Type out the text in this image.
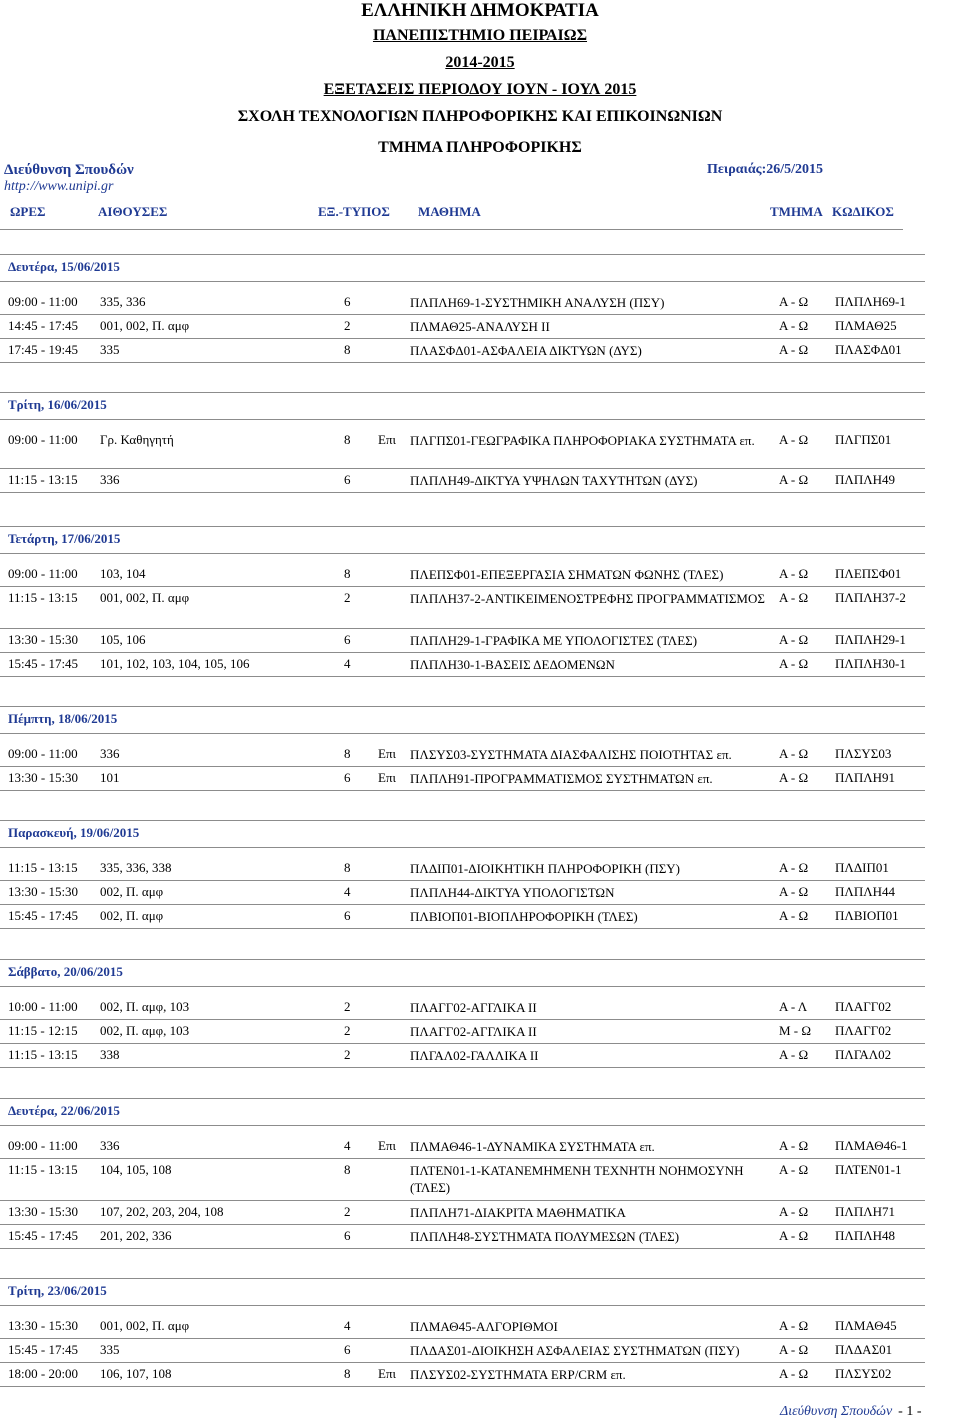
ΕΛΛΗΝΙΚΗ ΔΗΜΟΚΡΑΤΙΑ
ΠΑΝΕΠΙΣΤΗΜΙΟ ΠΕΙΡΑΙΩΣ
2014-2015
ΕΞΕΤΑΣΕΙΣ ΠΕΡΙΟΔΟΥ ΙΟΥΝ - ΙΟΥΛ 2015
ΣΧΟΛΗ ΤΕΧΝΟΛΟΓΙΩΝ ΠΛΗΡΟΦΟΡΙΚΗΣ ΚΑΙ ΕΠΙΚΟΙΝΩΝΙΩΝ
ΤΜΗΜΑ ΠΛΗΡΟΦΟΡΙΚΗΣ
Διεύθυνση Σπουδών
http://www.unipi.gr
Πειραιάς:26/5/2015
ΩΡΕΣ	ΑΙΘΟΥΣΕΣ	ΕΞ.-ΤΥΠΟΣ ΜΑΘΗΜΑ	ΤΜΗΜΑ ΚΩΔΙΚΟΣ
Δευτέρα, 15/06/2015
09:00 - 11:00 335, 336	6	ΠΛΠΛΗ69-1-ΣΥΣΤΗΜΙΚΗ ΑΝΑΛΥΣΗ (ΠΣΥ)	Α - Ω ΠΛΠΛΗ69-1
14:45 - 17:45 001, 002, Π. αμφ	2	ΠΛΜΑΘ25-ΑΝΑΛΥΣΗ ΙΙ	Α - Ω ΠΛΜΑΘ25
17:45 - 19:45 335	8	ΠΛΑΣΦΔ01-ΑΣΦΑΛΕΙΑ ΔΙΚΤΥΩΝ (ΔΥΣ)	Α - Ω ΠΛΑΣΦΔ01
Τρίτη, 16/06/2015
09:00 - 11:00 Γρ. Καθηγητή	8 Επι ΠΛΓΠΣ01-ΓΕΩΓΡΑΦΙΚΑ ΠΛΗΡΟΦΟΡΙΑΚΑ ΣΥΣΤΗΜΑΤΑ επ.	Α - Ω ΠΛΓΠΣ01
11:15 - 13:15 336	6	ΠΛΠΛΗ49-ΔΙΚΤΥΑ ΥΨΗΛΩΝ ΤΑΧΥΤΗΤΩΝ (ΔΥΣ)	Α - Ω ΠΛΠΛΗ49
Τετάρτη, 17/06/2015
09:00 - 11:00 103, 104	8	ΠΛΕΠΣΦ01-ΕΠΕΞΕΡΓΑΣΙΑ ΣΗΜΑΤΩΝ ΦΩΝΗΣ (ΤΛΕΣ)	Α - Ω ΠΛΕΠΣΦ01
11:15 - 13:15 001, 002, Π. αμφ	2	ΠΛΠΛΗ37-2-ΑΝΤΙΚΕΙΜΕΝΟΣΤΡΕΦΗΣ ΠΡΟΓΡΑΜΜΑΤΙΣΜΟΣ	Α - Ω ΠΛΠΛΗ37-2
13:30 - 15:30 105, 106	6	ΠΛΠΛΗ29-1-ΓΡΑΦΙΚΑ ΜΕ ΥΠΟΛΟΓΙΣΤΕΣ (ΤΛΕΣ)	Α - Ω ΠΛΠΛΗ29-1
15:45 - 17:45 101, 102, 103, 104, 105, 106	4	ΠΛΠΛΗ30-1-ΒΑΣΕΙΣ ΔΕΔΟΜΕΝΩΝ	Α - Ω ΠΛΠΛΗ30-1
Πέμπτη, 18/06/2015
09:00 - 11:00 336	8 Επι ΠΛΣΥΣ03-ΣΥΣΤΗΜΑΤΑ ΔΙΑΣΦΑΛΙΣΗΣ ΠΟΙΟΤΗΤΑΣ επ.	Α - Ω ΠΛΣΥΣ03
13:30 - 15:30 101	6 Επι ΠΛΠΛΗ91-ΠΡΟΓΡΑΜΜΑΤΙΣΜΟΣ ΣΥΣΤΗΜΑΤΩΝ επ.	Α - Ω ΠΛΠΛΗ91
Παρασκευή, 19/06/2015
11:15 - 13:15 335, 336, 338	8	ΠΛΔΙΠ01-ΔΙΟΙΚΗΤΙΚΗ ΠΛΗΡΟΦΟΡΙΚΗ (ΠΣΥ)	Α - Ω ΠΛΔΙΠ01
13:30 - 15:30 002, Π. αμφ	4	ΠΛΠΛΗ44-ΔΙΚΤΥΑ ΥΠΟΛΟΓΙΣΤΩΝ	Α - Ω ΠΛΠΛΗ44
15:45 - 17:45 002, Π. αμφ	6	ΠΛΒΙΟΠ01-ΒΙΟΠΛΗΡΟΦΟΡΙΚΗ (ΤΛΕΣ)	Α - Ω ΠΛΒΙΟΠ01
Σάββατο, 20/06/2015
10:00 - 11:00 002, Π. αμφ, 103	2	ΠΛΑΓΓ02-ΑΓΓΛΙΚΑ ΙΙ	Α - Λ ΠΛΑΓΓ02
11:15 - 12:15 002, Π. αμφ, 103	2	ΠΛΑΓΓ02-ΑΓΓΛΙΚΑ ΙΙ	Μ - Ω ΠΛΑΓΓ02
11:15 - 13:15 338	2	ΠΛΓΑΛ02-ΓΑΛΛΙΚΑ ΙΙ	Α - Ω ΠΛΓΑΛ02
Δευτέρα, 22/06/2015
09:00 - 11:00 336	4 Επι ΠΛΜΑΘ46-1-ΔΥΝΑΜΙΚΑ ΣΥΣΤΗΜΑΤΑ επ.	Α - Ω ΠΛΜΑΘ46-1
11:15 - 13:15 104, 105, 108	8	ΠΛΤΕΝ01-1-ΚΑΤΑΝΕΜΗΜΕΝΗ ΤΕΧΝΗΤΗ ΝΟΗΜΟΣΥΝΗ (ΤΛΕΣ)
Α - Ω ΠΛΤΕΝ01-1
13:30 - 15:30 107, 202, 203, 204, 108	2	ΠΛΠΛΗ71-ΔΙΑΚΡΙΤΑ ΜΑΘΗΜΑΤΙΚΑ	Α - Ω ΠΛΠΛΗ71
15:45 - 17:45 201, 202, 336	6	ΠΛΠΛΗ48-ΣΥΣΤΗΜΑΤΑ ΠΟΛΥΜΕΣΩΝ (ΤΛΕΣ)	Α - Ω ΠΛΠΛΗ48
Τρίτη, 23/06/2015
13:30 - 15:30 001, 002, Π. αμφ	4	ΠΛΜΑΘ45-ΑΛΓΟΡΙΘΜΟΙ	Α - Ω ΠΛΜΑΘ45
15:45 - 17:45 335	6	ΠΛΔΑΣ01-ΔΙΟΙΚΗΣΗ ΑΣΦΑΛΕΙΑΣ ΣΥΣΤΗΜΑΤΩΝ (ΠΣΥ)	Α - Ω ΠΛΔΑΣ01
18:00 - 20:00 106, 107, 108	8 Επι ΠΛΣΥΣ02-ΣΥΣΤΗΜΑΤΑ ERP/CRM επ.	Α - Ω ΠΛΣΥΣ02
Διεύθυνση Σπουδών - 1 -
